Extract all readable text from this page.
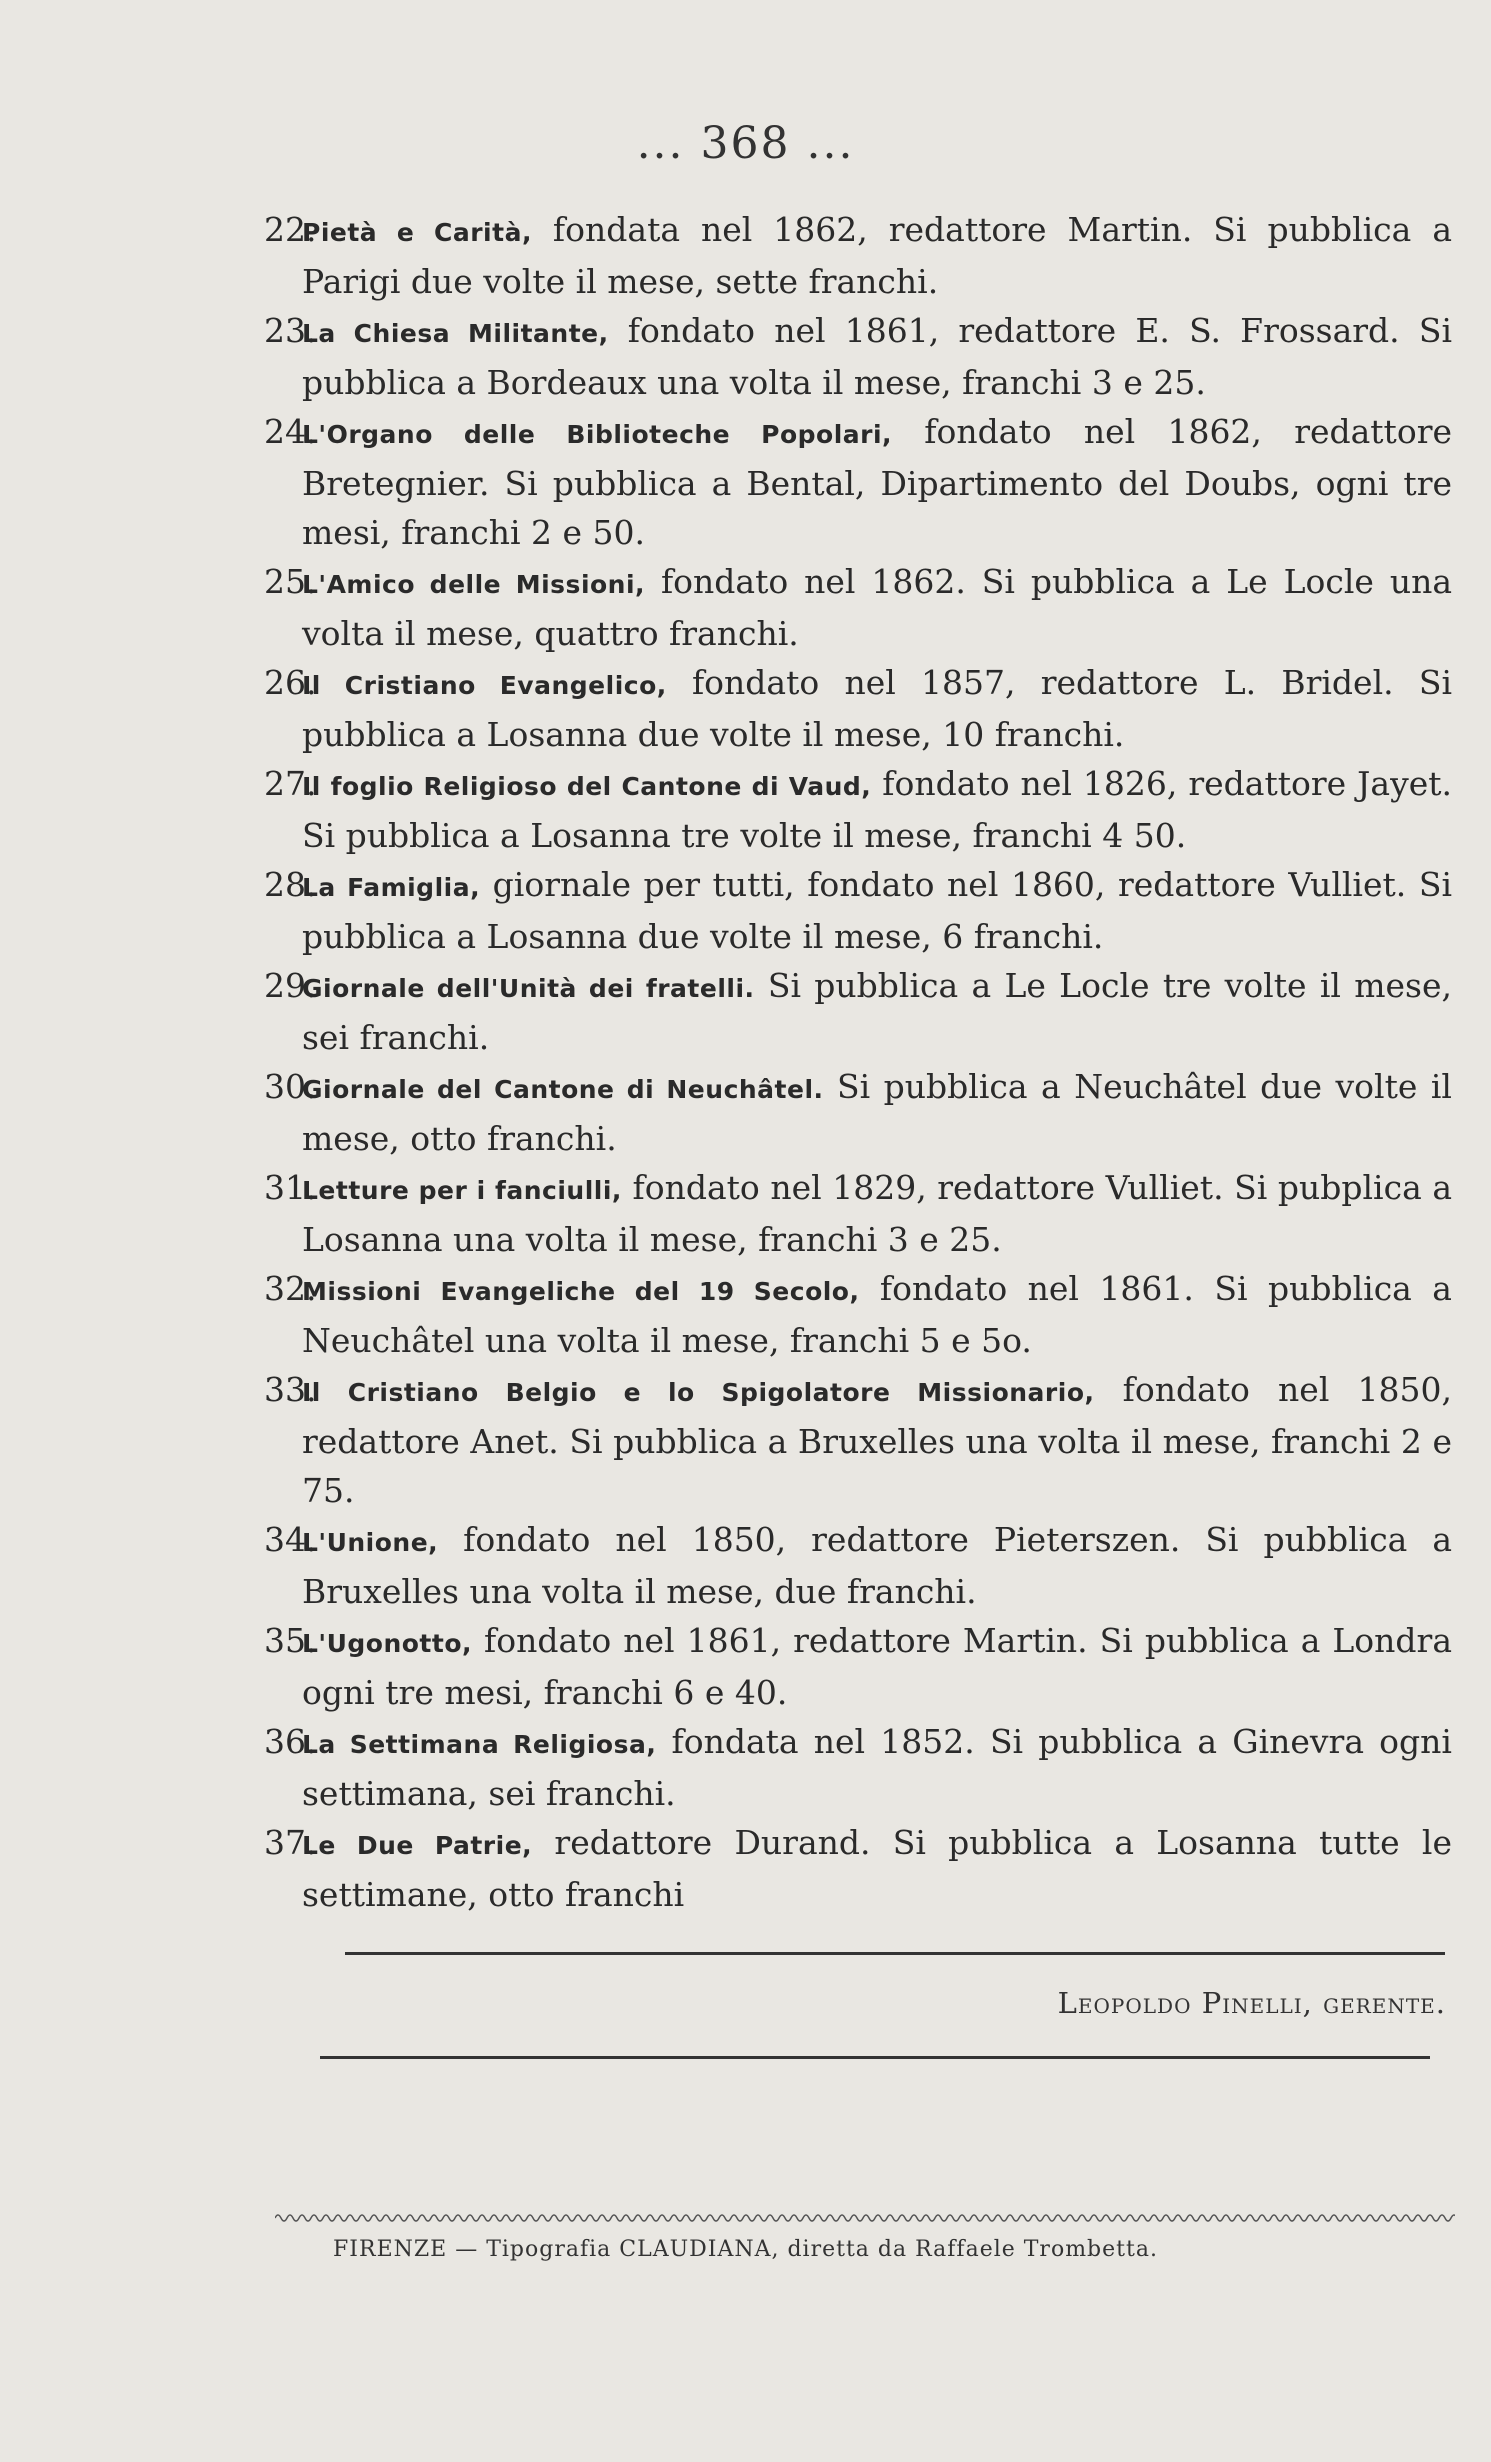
... 368 ...
22.Pietà e Carità, fondata nel 1862, redattore Martin. Si pubblica a Parigi due volte il mese, sette franchi.
23.La Chiesa Militante, fondato nel 1861, redattore E. S. Frossard. Si pubblica a Bordeaux una volta il mese, franchi 3 e 25.
24.L'Organo delle Biblioteche Popolari, fondato nel 1862, redattore Bretegnier. Si pubblica a Bental, Dipartimento del Doubs, ogni tre mesi, franchi 2 e 50.
25.L'Amico delle Missioni, fondato nel 1862. Si pubblica a Le Locle una volta il mese, quattro franchi.
26.Il Cristiano Evangelico, fondato nel 1857, redattore L. Bridel. Si pubblica a Losanna due volte il mese, 10 franchi.
27.Il foglio Religioso del Cantone di Vaud, fondato nel 1826, redattore Jayet. Si pubblica a Losanna tre volte il mese, franchi 4 50.
28.La Famiglia, giornale per tutti, fondato nel 1860, redattore Vulliet. Si pubblica a Losanna due volte il mese, 6 franchi.
29.Giornale dell'Unità dei fratelli. Si pubblica a Le Locle tre volte il mese, sei franchi.
30.Giornale del Cantone di Neuchâtel. Si pubblica a Neuchâtel due volte il mese, otto franchi.
31.Letture per i fanciulli, fondato nel 1829, redattore Vulliet. Si pubplica a Losanna una volta il mese, franchi 3 e 25.
32.Missioni Evangeliche del 19 Secolo, fondato nel 1861. Si pubblica a Neuchâtel una volta il mese, franchi 5 e 5o.
33.Il Cristiano Belgio e lo Spigolatore Missionario, fondato nel 1850, redattore Anet. Si pubblica a Bruxelles una volta il mese, franchi 2 e 75.
34.L'Unione, fondato nel 1850, redattore Pieterszen. Si pubblica a Bruxelles una volta il mese, due franchi.
35.L'Ugonotto, fondato nel 1861, redattore Martin. Si pubblica a Londra ogni tre mesi, franchi 6 e 40.
36.La Settimana Religiosa, fondata nel 1852. Si pubblica a Ginevra ogni settimana, sei franchi.
37.Le Due Patrie, redattore Durand. Si pubblica a Losanna tutte le settimane, otto franchi
Leopoldo Pinelli, gerente.
FIRENZE — Tipografia CLAUDIANA, diretta da Raffaele Trombetta.
